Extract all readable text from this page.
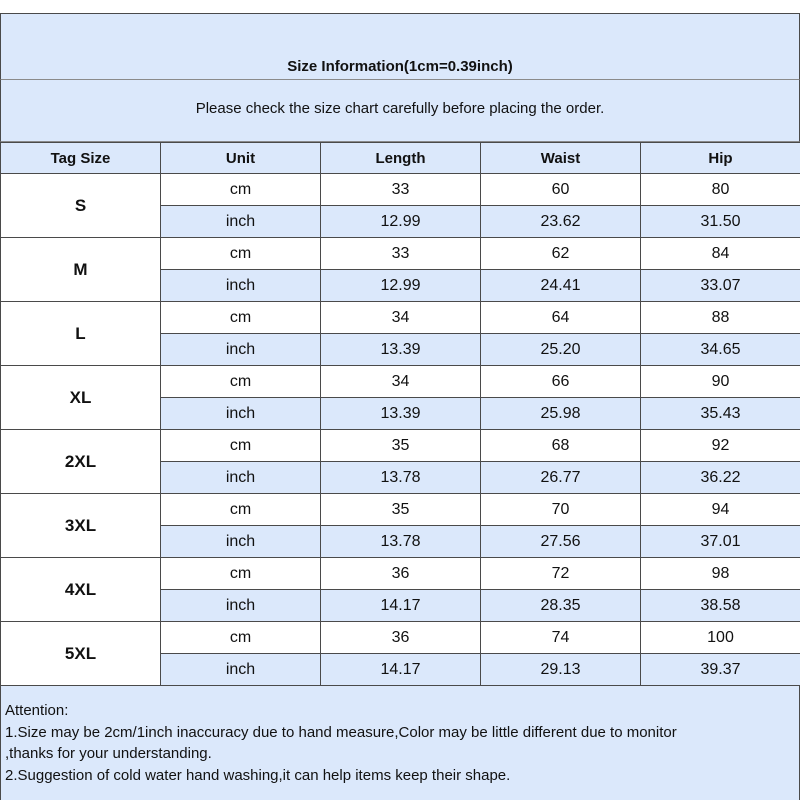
Size Information(1cm=0.39inch)
Please check the size chart carefully before placing the order.
Tag Size	Unit	Length	Waist	Hip
S	cm	33	60	80
	inch	12.99	23.62	31.50
M	cm	33	62	84
	inch	12.99	24.41	33.07
L	cm	34	64	88
	inch	13.39	25.20	34.65
XL	cm	34	66	90
	inch	13.39	25.98	35.43
2XL	cm	35	68	92
	inch	13.78	26.77	36.22
3XL	cm	35	70	94
	inch	13.78	27.56	37.01
4XL	cm	36	72	98
	inch	14.17	28.35	38.58
5XL	cm	36	74	100
	inch	14.17	29.13	39.37
Attention:
1.Size may be 2cm/1inch inaccuracy due to hand measure,Color may be little different due to monitor
,thanks for your understanding.
2.Suggestion of cold water hand washing,it can help items keep their shape.
